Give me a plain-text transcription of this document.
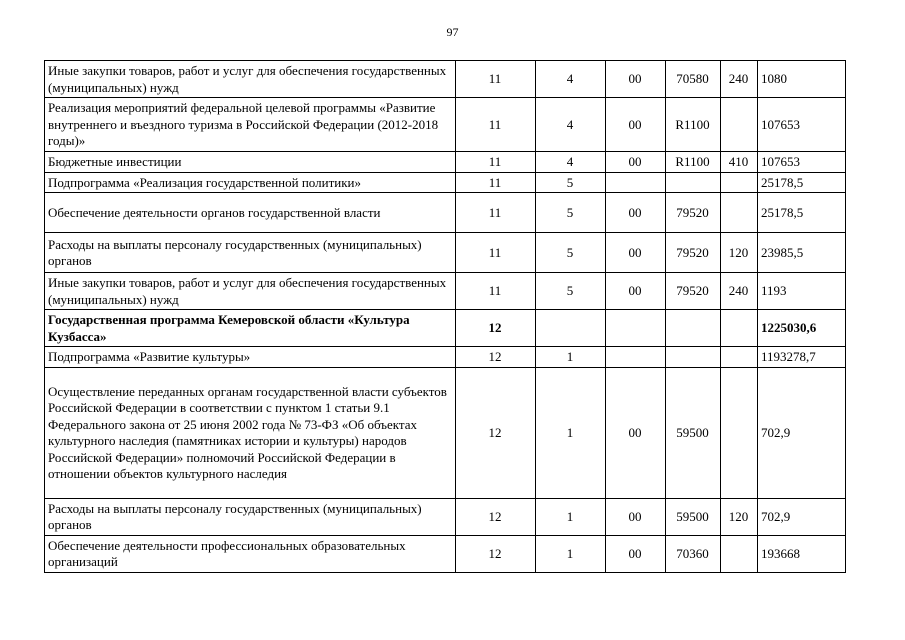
97
Иные закупки товаров, работ и услуг для обеспечения государственных (муниципальных) нужд	11	4	00	70580	240	1080
Реализация мероприятий федеральной целевой программы «Развитие внутреннего и въездного туризма в Российской Федерации (2012-2018 годы)»	11	4	00	R1100		107653
Бюджетные инвестиции	11	4	00	R1100	410	107653
Подпрограмма «Реализация государственной политики»	11	5				25178,5
Обеспечение деятельности органов государственной власти	11	5	00	79520		25178,5
Расходы на выплаты персоналу государственных (муниципальных) органов	11	5	00	79520	120	23985,5
Иные закупки товаров, работ и услуг для обеспечения государственных (муниципальных) нужд	11	5	00	79520	240	1193
Государственная программа Кемеровской области «Культура Кузбасса»	12					1225030,6
Подпрограмма «Развитие культуры»	12	1				1193278,7
Осуществление переданных органам государственной власти субъектов Российской Федерации в соответствии с пунктом 1 статьи 9.1 Федерального закона от 25 июня 2002 года № 73-ФЗ «Об объектах культурного наследия (памятниках истории и культуры) народов Российской Федерации» полномочий Российской Федерации в отношении объектов культурного наследия	12	1	00	59500		702,9
Расходы на выплаты персоналу государственных (муниципальных) органов	12	1	00	59500	120	702,9
Обеспечение деятельности профессиональных образовательных организаций	12	1	00	70360		193668
